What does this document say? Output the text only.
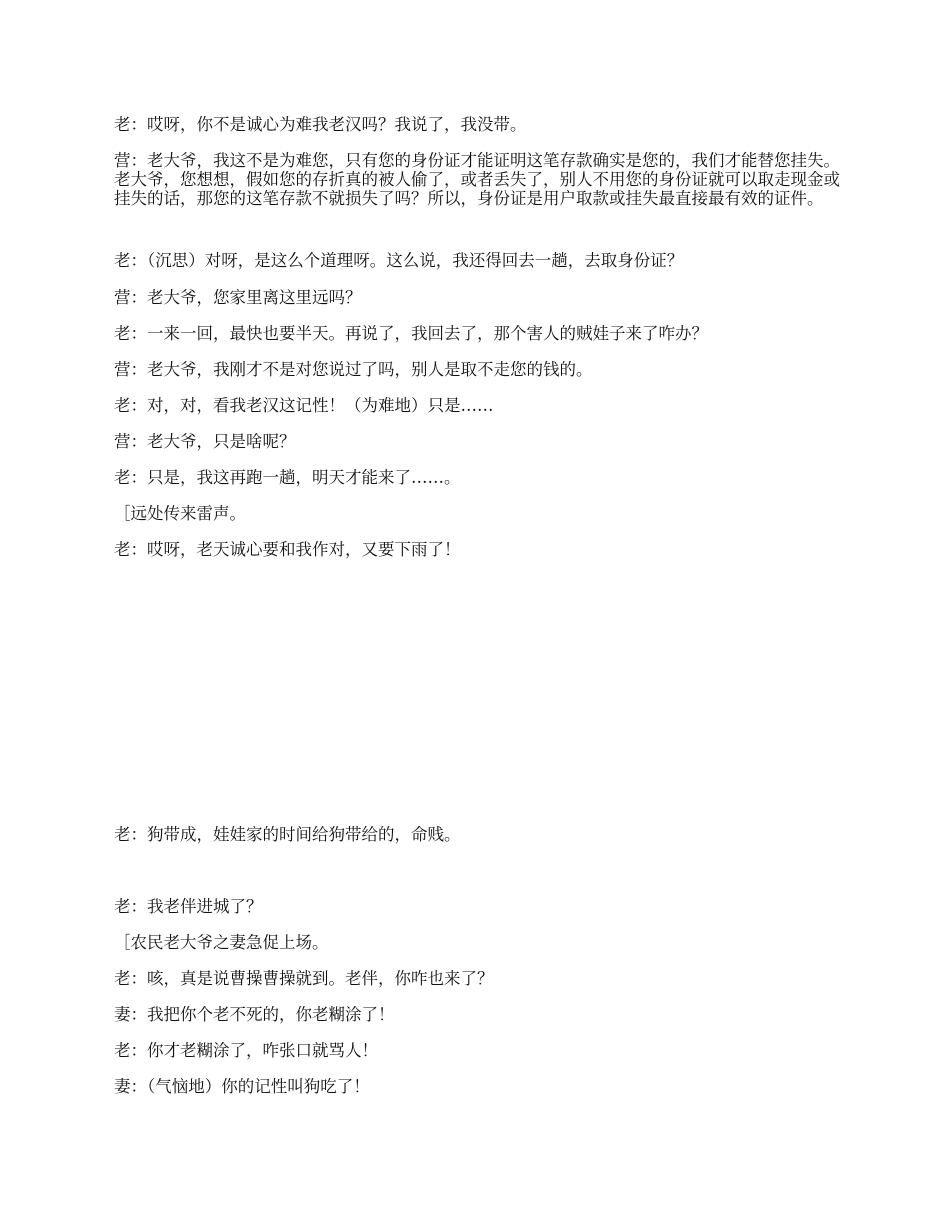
老：哎呀，你不是诚心为难我老汉吗？我说了，我没带。

营：老大爷，我这不是为难您，只有您的身份证才能证明这笔存款确实是您的，我们才能替您挂失。老大爷，您想想，假如您的存折真的被人偷了，或者丢失了，别人不用您的身份证就可以取走现金或挂失的话，那您的这笔存款不就损失了吗？所以，身份证是用户取款或挂失最直接最有效的证件。

老：（沉思）对呀，是这么个道理呀。这么说，我还得回去一趟，去取身份证？

营：老大爷，您家里离这里远吗？

老：一来一回，最快也要半天。再说了，我回去了，那个害人的贼娃子来了咋办？

营：老大爷，我刚才不是对您说过了吗，别人是取不走您的钱的。

老：对，对，看我老汉这记性！（为难地）只是……

营：老大爷，只是啥呢？

老：只是，我这再跑一趟，明天才能来了……。

［远处传来雷声。

老：哎呀，老天诚心要和我作对，又要下雨了！

老：狗带成，娃娃家的时间给狗带给的，命贱。

老：我老伴进城了？

［农民老大爷之妻急促上场。

老：咳，真是说曹操曹操就到。老伴，你咋也来了？

妻：我把你个老不死的，你老糊涂了！

老：你才老糊涂了，咋张口就骂人！

妻：（气恼地）你的记性叫狗吃了！
